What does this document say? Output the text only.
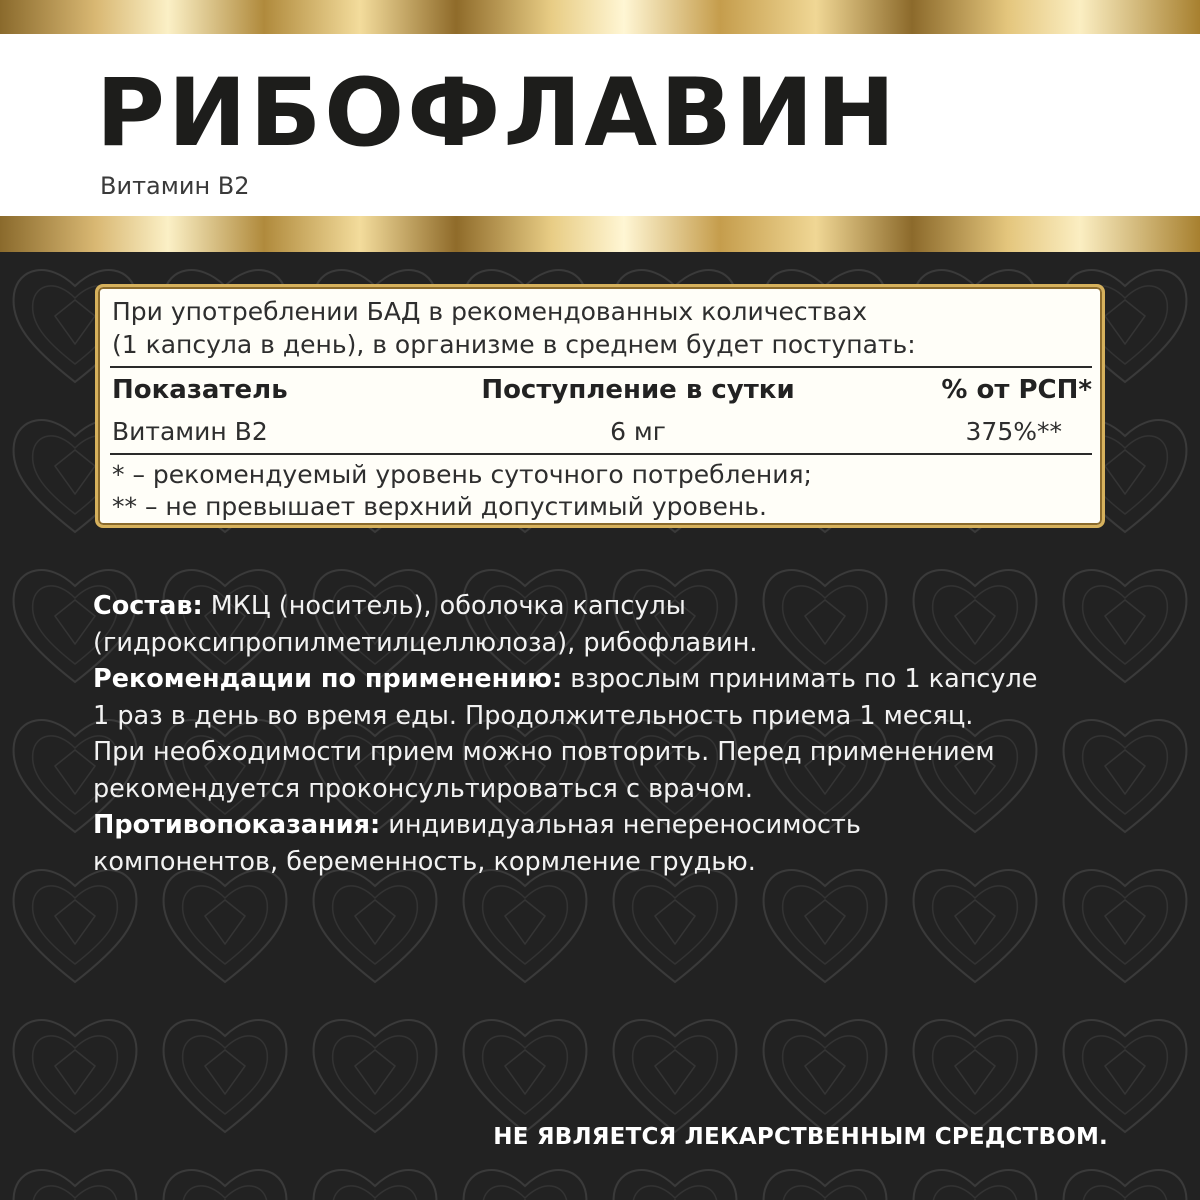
РИБОФЛАВИН
Витамин В2
При употреблении БАД в рекомендованных количествах
(1 капсула в день), в организме в среднем будет поступать:
Показатель	Поступление в сутки	% от РСП*
Витамин В2	6 мг	375%**
* – рекомендуемый уровень суточного потребления;
** – не превышает верхний допустимый уровень.
Состав: МКЦ (носитель), оболочка капсулы
(гидроксипропилметилцеллюлоза), рибофлавин.
Рекомендации по применению: взрослым принимать по 1 капсуле
1 раз в день во время еды. Продолжительность приема 1 месяц.
При необходимости прием можно повторить. Перед применением
рекомендуется проконсультироваться с врачом.
Противопоказания: индивидуальная непереносимость
компонентов, беременность, кормление грудью.
НЕ ЯВЛЯЕТСЯ ЛЕКАРСТВЕННЫМ СРЕДСТВОМ.
